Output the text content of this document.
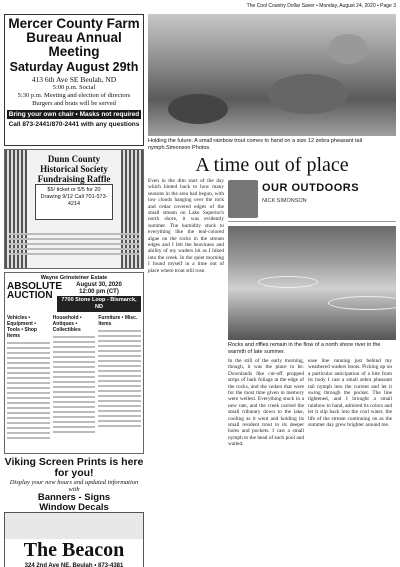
The Cool Country Dollar Saver • Monday, August 24, 2020 • Page 3
Mercer County Farm
Bureau Annual Meeting
Saturday August 29th
413 6th Ave SE Beulah, ND
5:00 p.m. Social
5:30 p.m. Meeting and election of directors
Burgers and brats will be served
Bring your own chair • Masks not required
Call 873-2441/870-2441 with any questions
Dunn County Historical Society Fundraising Raffle
$5/ ticket or 5/5 for 20 Drawing 9/12 Call 701-573-4214
Wayne Grinsteiner Estate
ABSOLUTE
AUCTION
August 30, 2020
12:00 pm (CT)
7700 Stone Loop - Bismarck, ND
Vehicles • Equipment • Tools • Shop Items
Household • Antiques • Collectibles
Furniture • Misc. Items
Viking Screen Prints is here for you!
Display your new hours and updated information with
Banners - Signs
Window Decals
The Beacon
324 2nd Ave NE, Beulah • 873-4381
Holding the future. A small rainbow trout comes to hand on a size 12 zebra pheasant tail nymph.Simonson Photos.
A time out of place
Even in the dim start of the day which hinted back to how many seasons in the area had begun, with low clouds hanging over the rock and cedar covered edges of the small stream on Lake Superior's north shore, it was evidently summer. The humidity stuck to everything like the teal-colored algae on the rocks in the stream edges and I felt the heaviness and ability of my waders hit as I hiked into the creek. In the quiet morning I found myself in a time out of place where trout still rose.
OUR OUTDOORS
NICK SIMONSON
Rocks and riffles remain in the flow of a north shore river in the warmth of late summer.
In the still of the early morning, though, it was the place to be. Downlands like cut-off propped strips of bark foliage at the edge of the rocks, and the cedars that were for the most time given in memory were wellest. Everything stuck in a new rate, and the creek carried the small tributary down to the lake, cooling as it went and holding its small resident trout in its deeper holes and pockets. I cast a small nymph to the head of each pool and waited.
ease line running just behind my weathered waders boots. Picking up on a particular anticipation of a bite from its body I cast a small zebra pheasant tail nymph into the current and let it swing through the pocket. The line tightened, and I brought a small rainbow to hand, admired its colors and let it slip back into the cool water, the life of the stream continuing on as the summer day grew brighter around me.
